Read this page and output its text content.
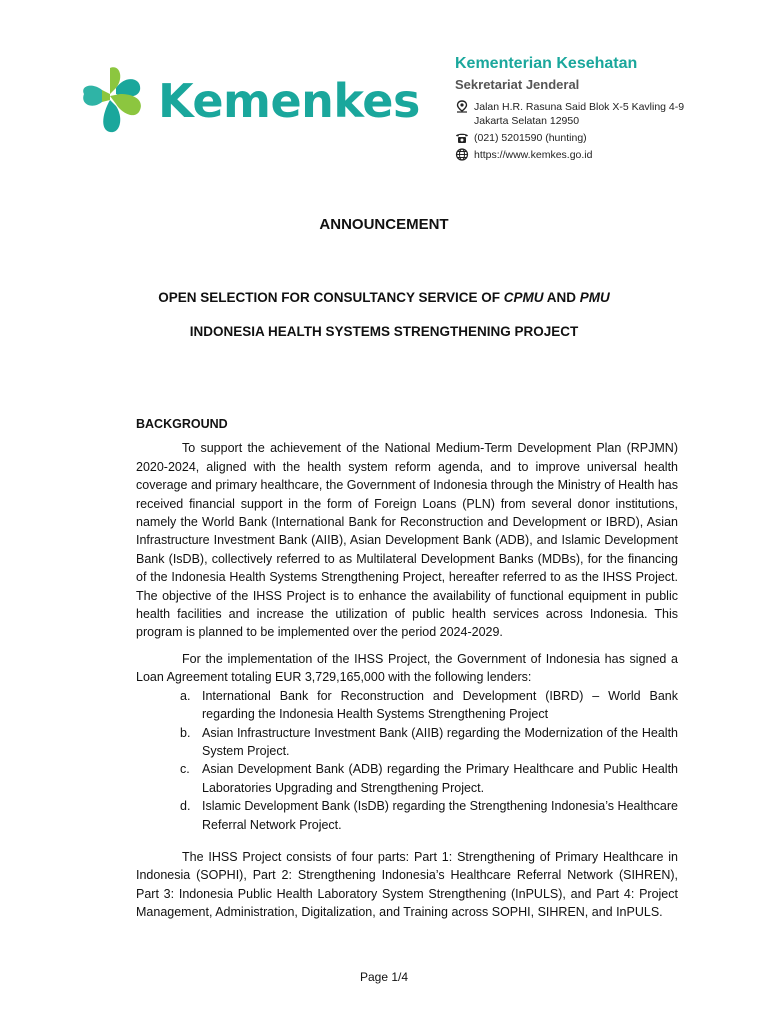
Kemenkes

Kementerian Kesehatan

Sekretariat Jenderal

Jalan H.R. Rasuna Said Blok X-5 Kavling 4-9
Jakarta Selatan 12950
(021) 5201590 (hunting)
https://www.kemkes.go.id
ANNOUNCEMENT

OPEN SELECTION FOR CONSULTANCY SERVICE OF CPMU AND PMU

INDONESIA HEALTH SYSTEMS STRENGTHENING PROJECT

BACKGROUND

To support the achievement of the National Medium-Term Development Plan (RPJMN) 2020-2024, aligned with the health system reform agenda, and to improve universal health coverage and primary healthcare, the Government of Indonesia through the Ministry of Health has received financial support in the form of Foreign Loans (PLN) from several donor institutions, namely the World Bank (International Bank for Reconstruction and Development or IBRD), Asian Infrastructure Investment Bank (AIIB), Asian Development Bank (ADB), and Islamic Development Bank (IsDB), collectively referred to as Multilateral Development Banks (MDBs), for the financing of the Indonesia Health Systems Strengthening Project, hereafter referred to as the IHSS Project. The objective of the IHSS Project is to enhance the availability of functional equipment in public health facilities and increase the utilization of public health services across Indonesia. This program is planned to be implemented over the period 2024-2029.

For the implementation of the IHSS Project, the Government of Indonesia has signed a Loan Agreement totaling EUR 3,729,165,000 with the following lenders:

a. International Bank for Reconstruction and Development (IBRD) – World Bank regarding the Indonesia Health Systems Strengthening Project
b. Asian Infrastructure Investment Bank (AIIB) regarding the Modernization of the Health System Project.
c. Asian Development Bank (ADB) regarding the Primary Healthcare and Public Health Laboratories Upgrading and Strengthening Project.
d. Islamic Development Bank (IsDB) regarding the Strengthening Indonesia’s Healthcare Referral Network Project.

The IHSS Project consists of four parts: Part 1: Strengthening of Primary Healthcare in Indonesia (SOPHI), Part 2: Strengthening Indonesia’s Healthcare Referral Network (SIHREN), Part 3: Indonesia Public Health Laboratory System Strengthening (InPULS), and Part 4: Project Management, Administration, Digitalization, and Training across SOPHI, SIHREN, and InPULS.

Page 1/4
